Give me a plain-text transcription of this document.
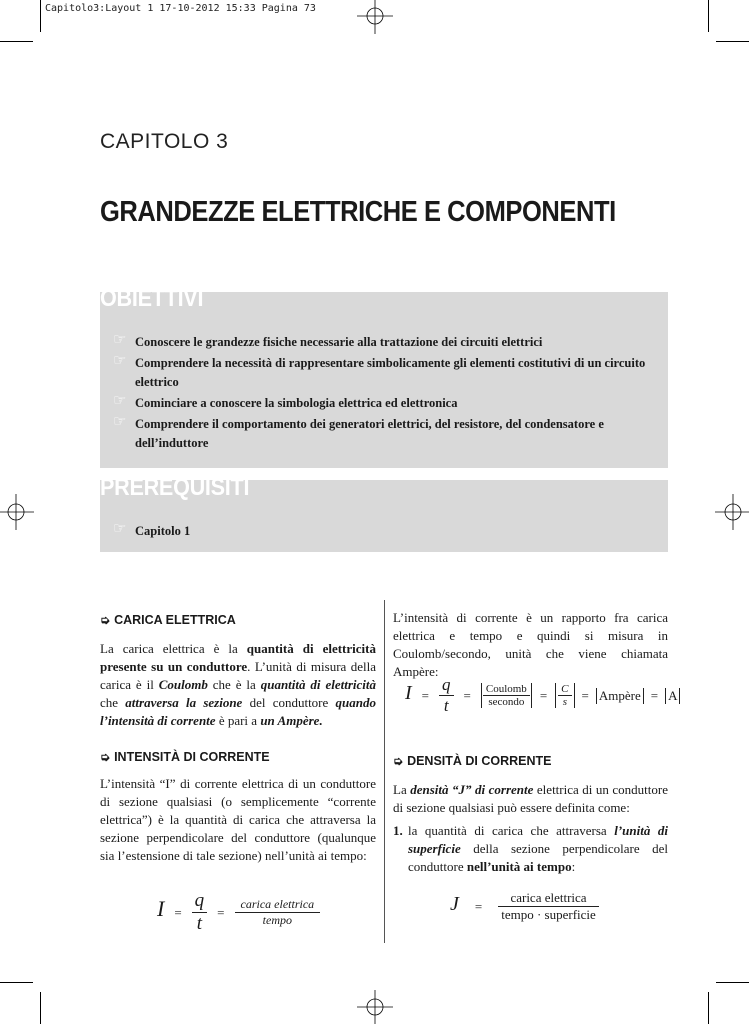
Capitolo3:Layout 1 17-10-2012 15:33 Pagina 73
CAPITOLO 3
GRANDEZZE ELETTRICHE E COMPONENTI
OBIETTIVI
☞ Conoscere le grandezze fisiche necessarie alla trattazione dei circuiti elettrici
☞ Comprendere la necessità di rappresentare simbolicamente gli elementi costitutivi di un circuito elettrico
☞ Cominciare a conoscere la simbologia elettrica ed elettronica
☞ Comprendere il comportamento dei generatori elettrici, del resistore, del condensatore e dell’induttore
PREREQUISITI
☞ Capitolo 1
➭ CARICA ELETTRICA
La carica elettrica è la quantità di elettricità presente su un conduttore. L’unità di misura della carica è il Coulomb che è la quantità di elettricità che attraversa la sezione del conduttore quando l’intensità di corrente è pari a un Ampère.
➭ INTENSITÀ DI CORRENTE
L’intensità “I” di corrente elettrica di un conduttore di sezione qualsiasi (o semplicemente “corrente elettrica”) è la quantità di carica che attraversa la sezione perpendicolare del conduttore (qualunque sia l’estensione di tale sezione) nell’unità ai tempo:
$I = \frac{q}{t} = \frac{\text{carica elettrica}}{\text{tempo}}$
L’intensità di corrente è un rapporto fra carica elettrica e tempo e quindi si misura in Coulomb/secondo, unità che viene chiamata Ampère:
$I = \frac{q}{t} = \frac{\text{Coulomb}}{\text{secondo}} = \frac{C}{s}$ = Ampère = A
➭ DENSITÀ DI CORRENTE
La densità “J” di corrente elettrica di un conduttore di sezione qualsiasi può essere definita come:
1. la quantità di carica che attraversa l’unità di superficie della sezione perpendicolare del conduttore nell’unità ai tempo:
$J = \frac{\text{carica elettrica}}{\text{tempo · superficie}}$
